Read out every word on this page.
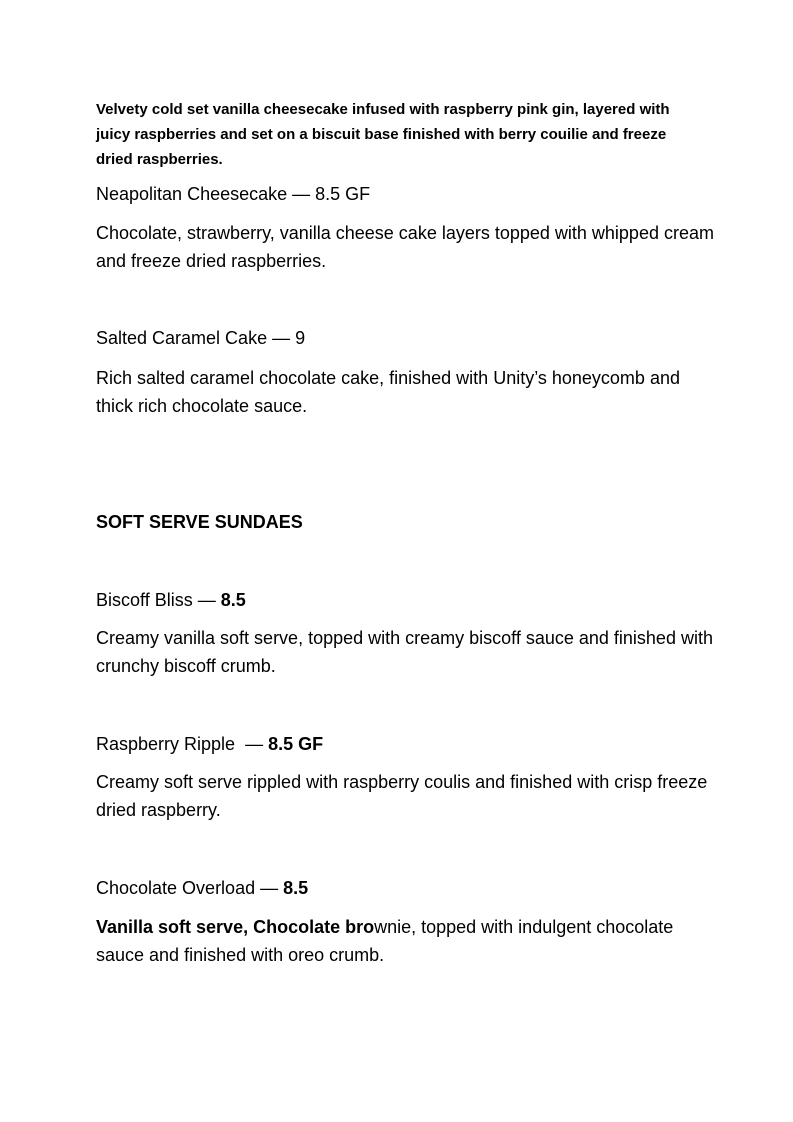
Velvety cold set vanilla cheesecake infused with raspberry pink gin, layered with juicy raspberries and set on a biscuit base finished with berry couilie and freeze dried raspberries.
Neapolitan Cheesecake — 8.5 GF
Chocolate, strawberry, vanilla cheese cake layers topped with whipped cream and freeze dried raspberries.
Salted Caramel Cake — 9
Rich salted caramel chocolate cake, finished with Unity’s honeycomb and thick rich chocolate sauce.
SOFT SERVE SUNDAES
Biscoff Bliss — 8.5
Creamy vanilla soft serve, topped with creamy biscoff sauce and finished with crunchy biscoff crumb.
Raspberry Ripple  — 8.5 GF
Creamy soft serve rippled with raspberry coulis and finished with crisp freeze dried raspberry.
Chocolate Overload — 8.5
Vanilla soft serve, Chocolate brownie, topped with indulgent chocolate sauce and finished with oreo crumb.
